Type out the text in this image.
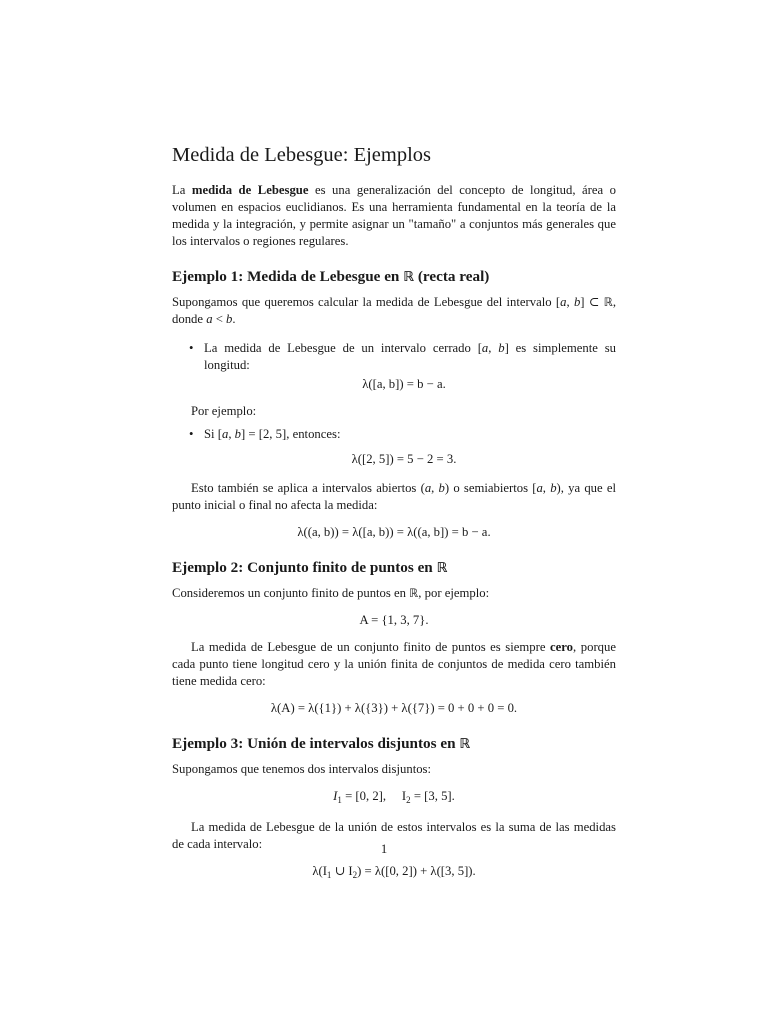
Medida de Lebesgue: Ejemplos

La medida de Lebesgue es una generalización del concepto de longitud, área o volumen en espacios euclidianos. Es una herramienta fundamental en la teoría de la medida y la integración, y permite asignar un "tamaño" a conjuntos más generales que los intervalos o regiones regulares.

Ejemplo 1: Medida de Lebesgue en ℝ (recta real)

Supongamos que queremos calcular la medida de Lebesgue del intervalo [a, b] ⊂ ℝ, donde a < b.

• La medida de Lebesgue de un intervalo cerrado [a, b] es simplemente su longitud:
λ([a, b]) = b − a.

Por ejemplo:

• Si [a, b] = [2, 5], entonces:
λ([2, 5]) = 5 − 2 = 3.

Esto también se aplica a intervalos abiertos (a, b) o semiabiertos [a, b), ya que el punto inicial o final no afecta la medida:

λ((a, b)) = λ([a, b)) = λ((a, b]) = b − a.
Ejemplo 2: Conjunto finito de puntos en ℝ

Consideremos un conjunto finito de puntos en ℝ, por ejemplo:

A = {1, 3, 7}.

La medida de Lebesgue de un conjunto finito de puntos es siempre cero, porque cada punto tiene longitud cero y la unión finita de conjuntos de medida cero también tiene medida cero:

λ(A) = λ({1}) + λ({3}) + λ({7}) = 0 + 0 + 0 = 0.
Ejemplo 3: Unión de intervalos disjuntos en ℝ

Supongamos que tenemos dos intervalos disjuntos:

$I_1 = [0$, 2],     $I_2 = [3$, 5].

La medida de Lebesgue de la unión de estos intervalos es la suma de las medidas de cada intervalo:

$\lambda(I_1$ ∪ $I_2) = \lambda([0$, 2]) + λ([3, 5]).
1
